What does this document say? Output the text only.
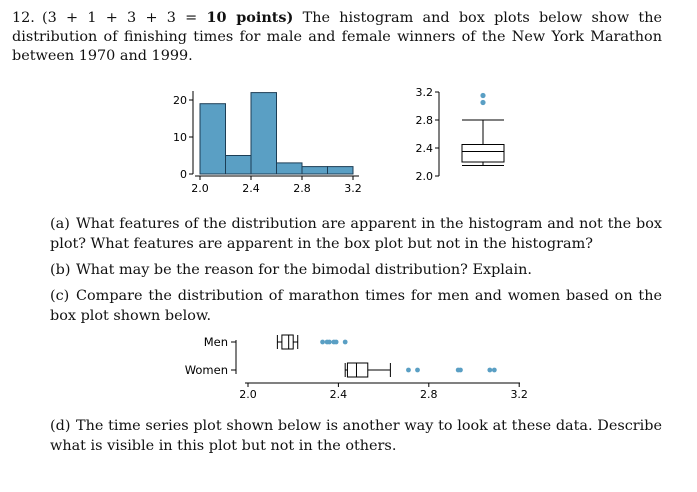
12. (3 + 1 + 3 + 3 = 10 points) The histogram and box plots below show the distribution of finishing times for male and female winners of the New York Marathon between 1970 and 1999.
0
10
20
2.0	2.4	2.8	3.2
2.0
2.4
2.8
3.2
(a) What features of the distribution are apparent in the histogram and not the box plot? What features are apparent in the box plot but not in the histogram?
(b) What may be the reason for the bimodal distribution? Explain.
(c) Compare the distribution of marathon times for men and women based on the box plot shown below.
Men
Women
2.0	2.4	2.8	3.2
(d) The time series plot shown below is another way to look at these data. Describe what is visible in this plot but not in the others.
